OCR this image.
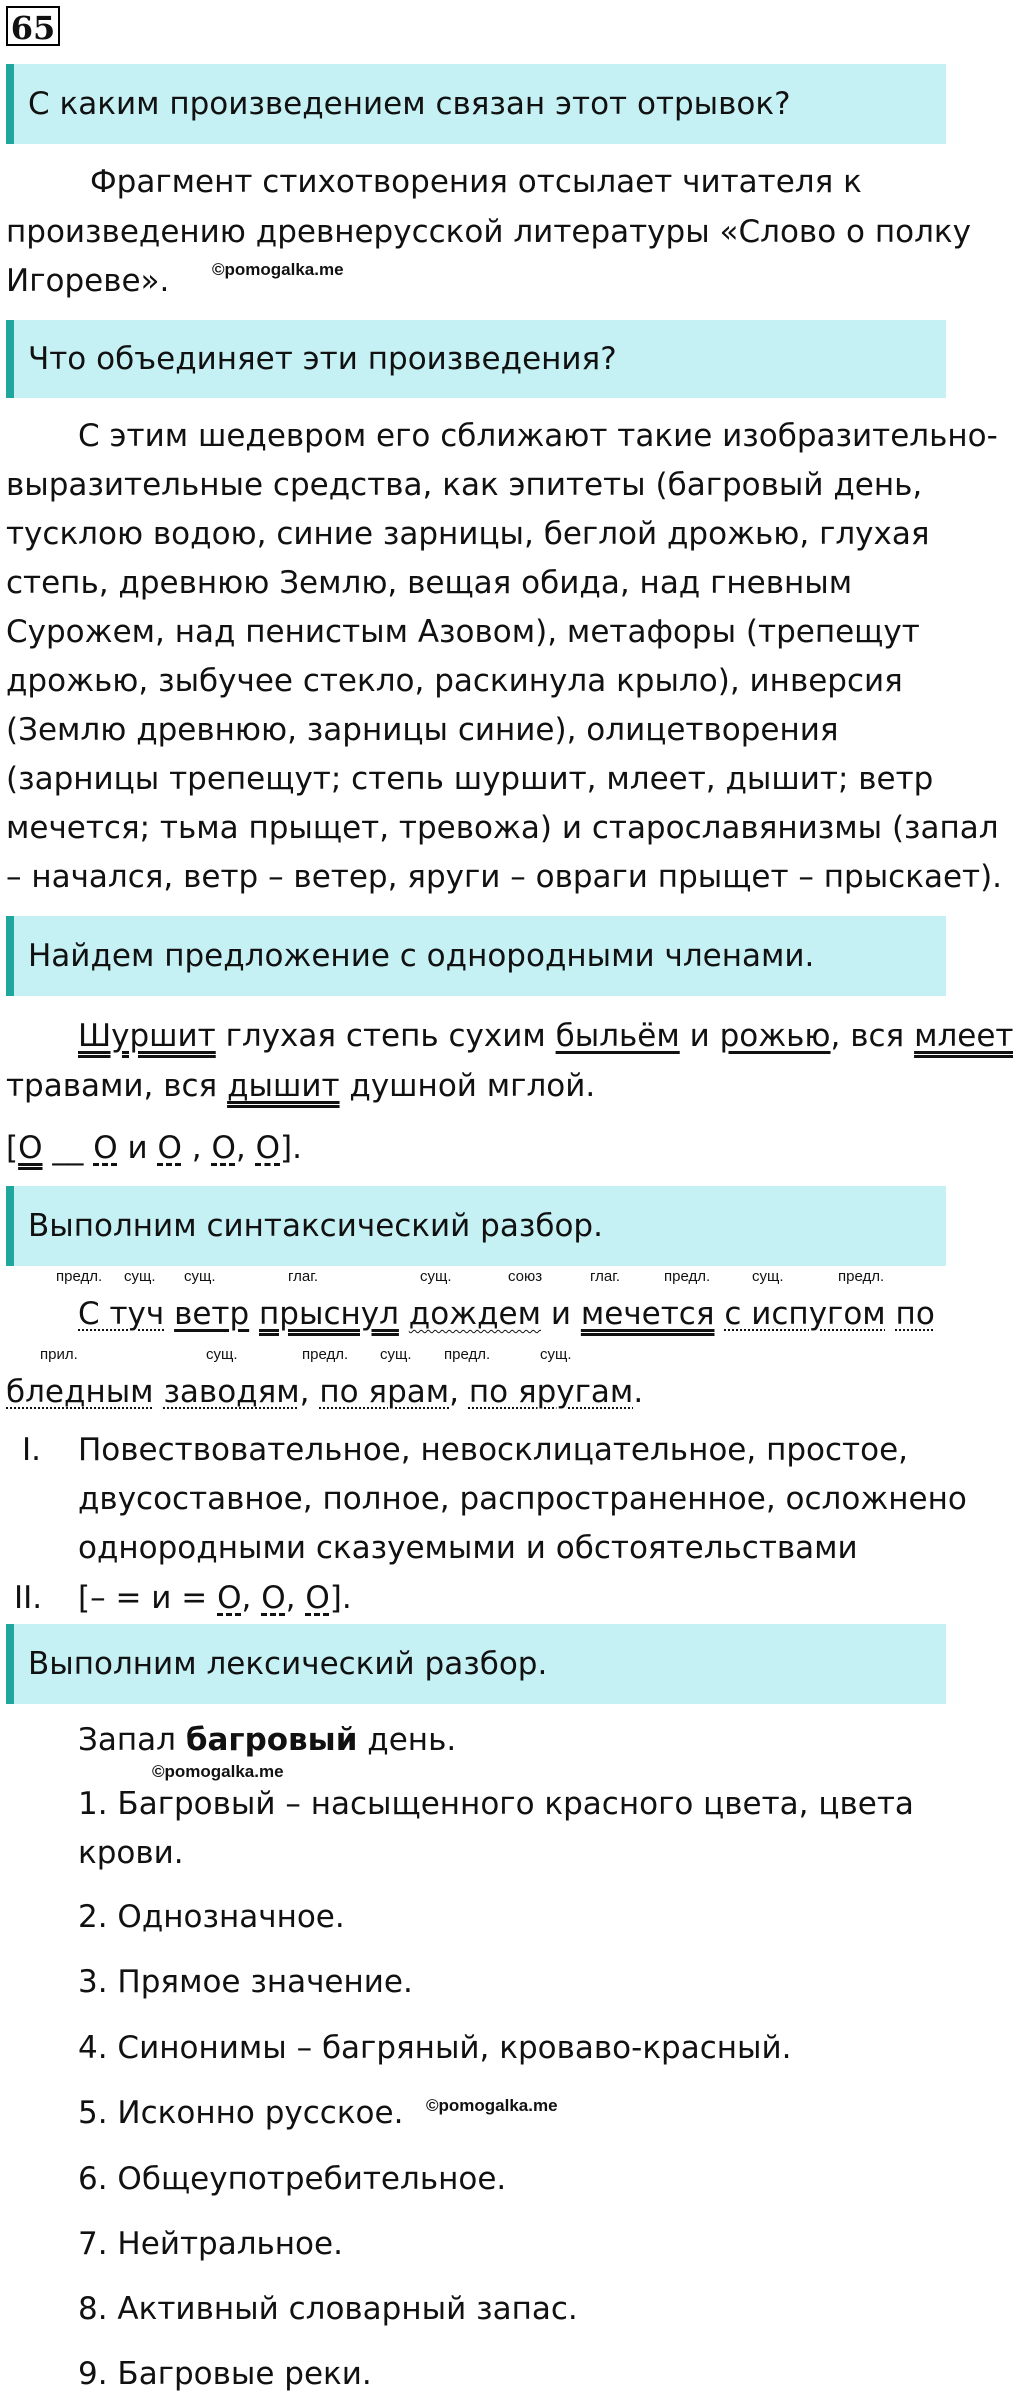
65
С каким произведением связан этот отрывок?
Фрагмент стихотворения отсылает читателя к
произведению древнерусской литературы «Слово о полку
Игореве».	©pomogalka.me
Что объединяет эти произведения?
С этим шедевром его сближают такие изобразительно-
выразительные средства, как эпитеты (багровый день,
тусклою водою, синие зарницы, беглой дрожью, глухая
степь, древнюю Землю, вещая обида, над гневным
Сурожем, над пенистым Азовом), метафоры (трепещут
дрожью, зыбучее стекло, раскинула крыло), инверсия
(Землю древнюю, зарницы синие), олицетворения
(зарницы трепещут; степь шуршит, млеет, дышит; ветр
мечется; тьма прыщет, тревожа) и старославянизмы (запал
– начался, ветр – ветер, яруги – овраги прыщет – прыскает).
Найдем предложение с однородными членами.
Шуршит глухая степь сухим быльём и рожью, вся млеет
травами, вся дышит душной мглой.
[О __ О и О , О, О].
Выполним синтаксический разбор.
предл. сущ. сущ.	глаг.	сущ.	союз	глаг.	предл.	сущ.	предл.
С туч ветр прыснул дождем и мечется с испугом по
прил.	сущ.	предл. сущ. предл.	сущ.
бледным заводям, по ярам, по яругам.
I. Повествовательное, невосклицательное, простое,
двусоставное, полное, распространенное, осложнено
однородными сказуемыми и обстоятельствами
II. [– = и = О, О, О].
Выполним лексический разбор.
Запал багровый день.
©pomogalka.me
1. Багровый – насыщенного красного цвета, цвета
крови.
2. Однозначное.
3. Прямое значение.
4. Синонимы – багряный, кроваво-красный.
5. Исконно русское. ©pomogalka.me
6. Общеупотребительное.
7. Нейтральное.
8. Активный словарный запас.
9. Багровые реки.
